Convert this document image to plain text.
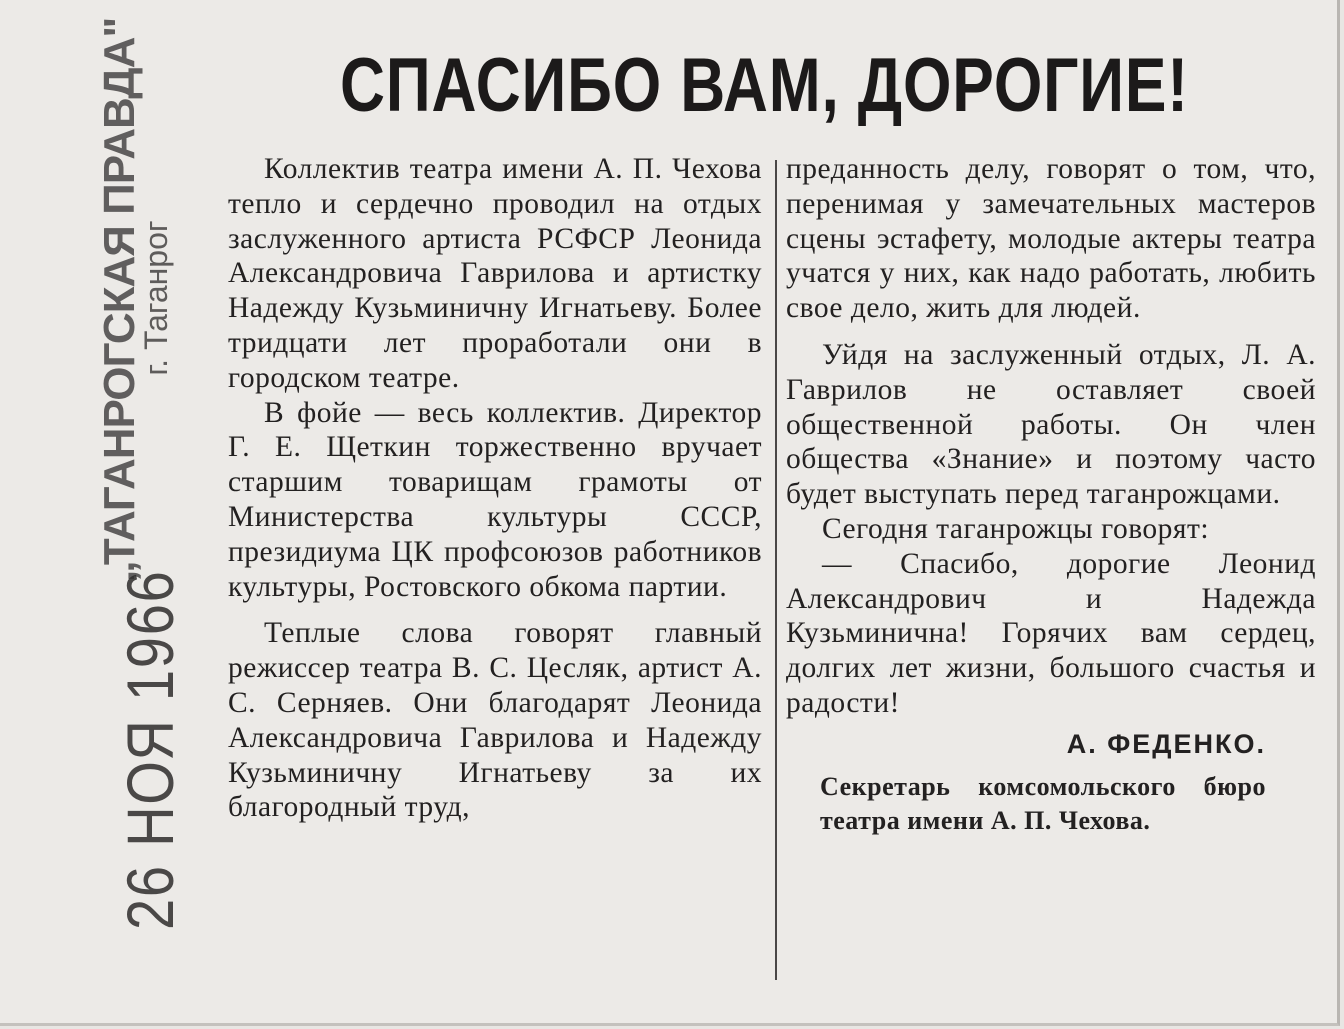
„ТАГАНРОГСКАЯ ПРАВДА"
г. Таганрог
26 НОЯ 1966
СПАСИБО ВАМ, ДОРОГИЕ!

Коллектив театра имени А. П. Чехова тепло и сердечно проводил на отдых заслуженного артиста РСФСР Леонида Александровича Гаврилова и артистку Надежду Кузьминичну Игнатьеву. Более тридцати лет проработали они в городском театре.

В фойе — весь коллектив. Директор Г. Е. Щеткин торжественно вручает старшим товарищам грамоты от Министерства культуры СССР, президиума ЦК профсоюзов работников культуры, Ростовского обкома партии.

Теплые слова говорят главный режиссер театра В. С. Цесляк, артист А. С. Серняев. Они благодарят Леонида Александровича Гаврилова и Надежду Кузьминичну Игнатьеву за их благородный труд,

преданность делу, говорят о том, что, перенимая у замечательных мастеров сцены эстафету, молодые актеры театра учатся у них, как надо работать, любить свое дело, жить для людей.

Уйдя на заслуженный отдых, Л. А. Гаврилов не оставляет своей общественной работы. Он член общества «Знание» и поэтому часто будет выступать перед таганрожцами.

Сегодня таганрожцы говорят:

— Спасибо, дорогие Леонид Александрович и Надежда Кузьминична! Горячих вам сердец, долгих лет жизни, большого счастья и радости!

А. ФЕДЕНКО.
Секретарь комсомольского бюро театра имени А. П. Чехова.
